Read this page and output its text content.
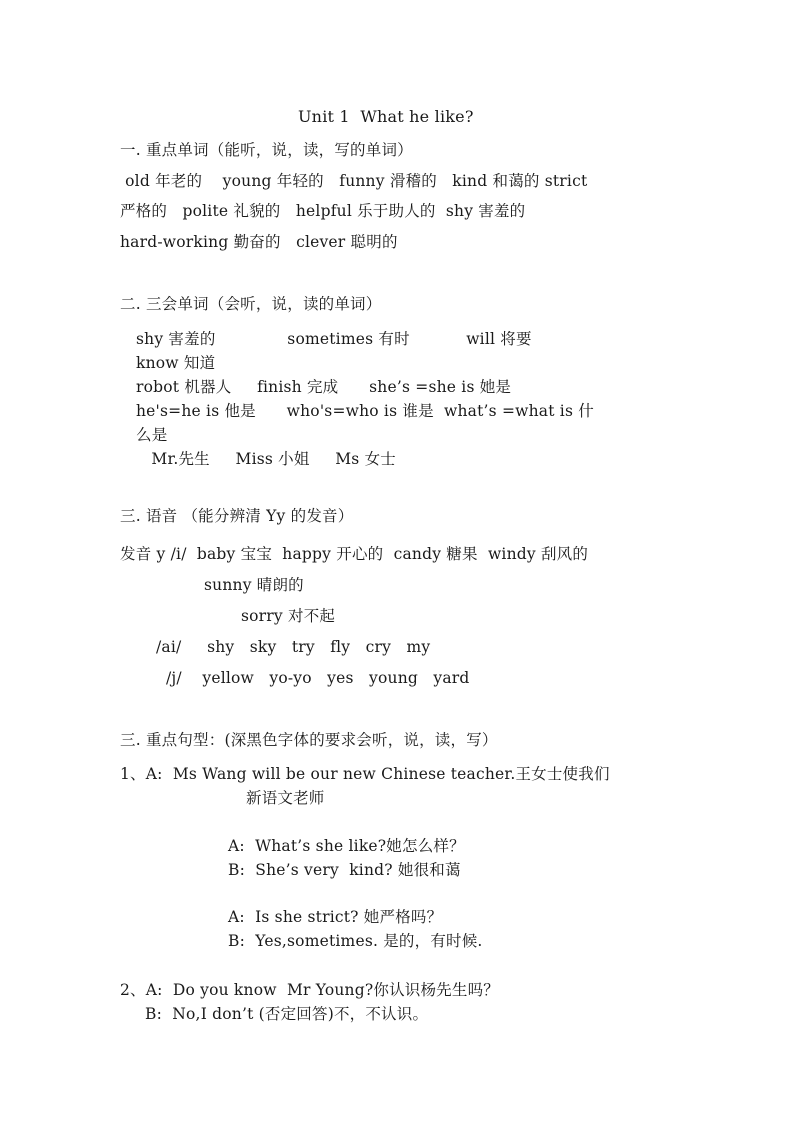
Unit 1  What he like?
一. 重点单词（能听，说，读，写的单词）
old 年老的    young 年轻的   funny 滑稽的   kind 和蔼的 strict
严格的   polite 礼貌的   helpful 乐于助人的  shy 害羞的
hard-working 勤奋的   clever 聪明的
二. 三会单词（会听，说，读的单词）
shy 害羞的              sometimes 有时           will 将要
know 知道
robot 机器人     finish 完成      she’s =she is 她是
he's=he is 他是      who's=who is 谁是  what’s =what is 什
么是
Mr.先生     Miss 小姐     Ms 女士
三. 语音 （能分辨清 Yy 的发音）
发音 y /i/  baby 宝宝  happy 开心的  candy 糖果  windy 刮风的
sunny 晴朗的
sorry 对不起
/ai/     shy   sky   try   fly   cry   my
/j/    yellow   yo-yo   yes   young   yard
三. 重点句型：(深黑色字体的要求会听，说，读，写）
1、A:  Ms Wang will be our new Chinese teacher.王女士使我们
新语文老师
A:  What’s she like?她怎么样？
B:  She’s very  kind? 她很和蔼
A:  Is she strict? 她严格吗？
B:  Yes,sometimes. 是的，有时候.
2、A:  Do you know  Mr Young?你认识杨先生吗？
B:  No,I don’t (否定回答)不，不认识。
